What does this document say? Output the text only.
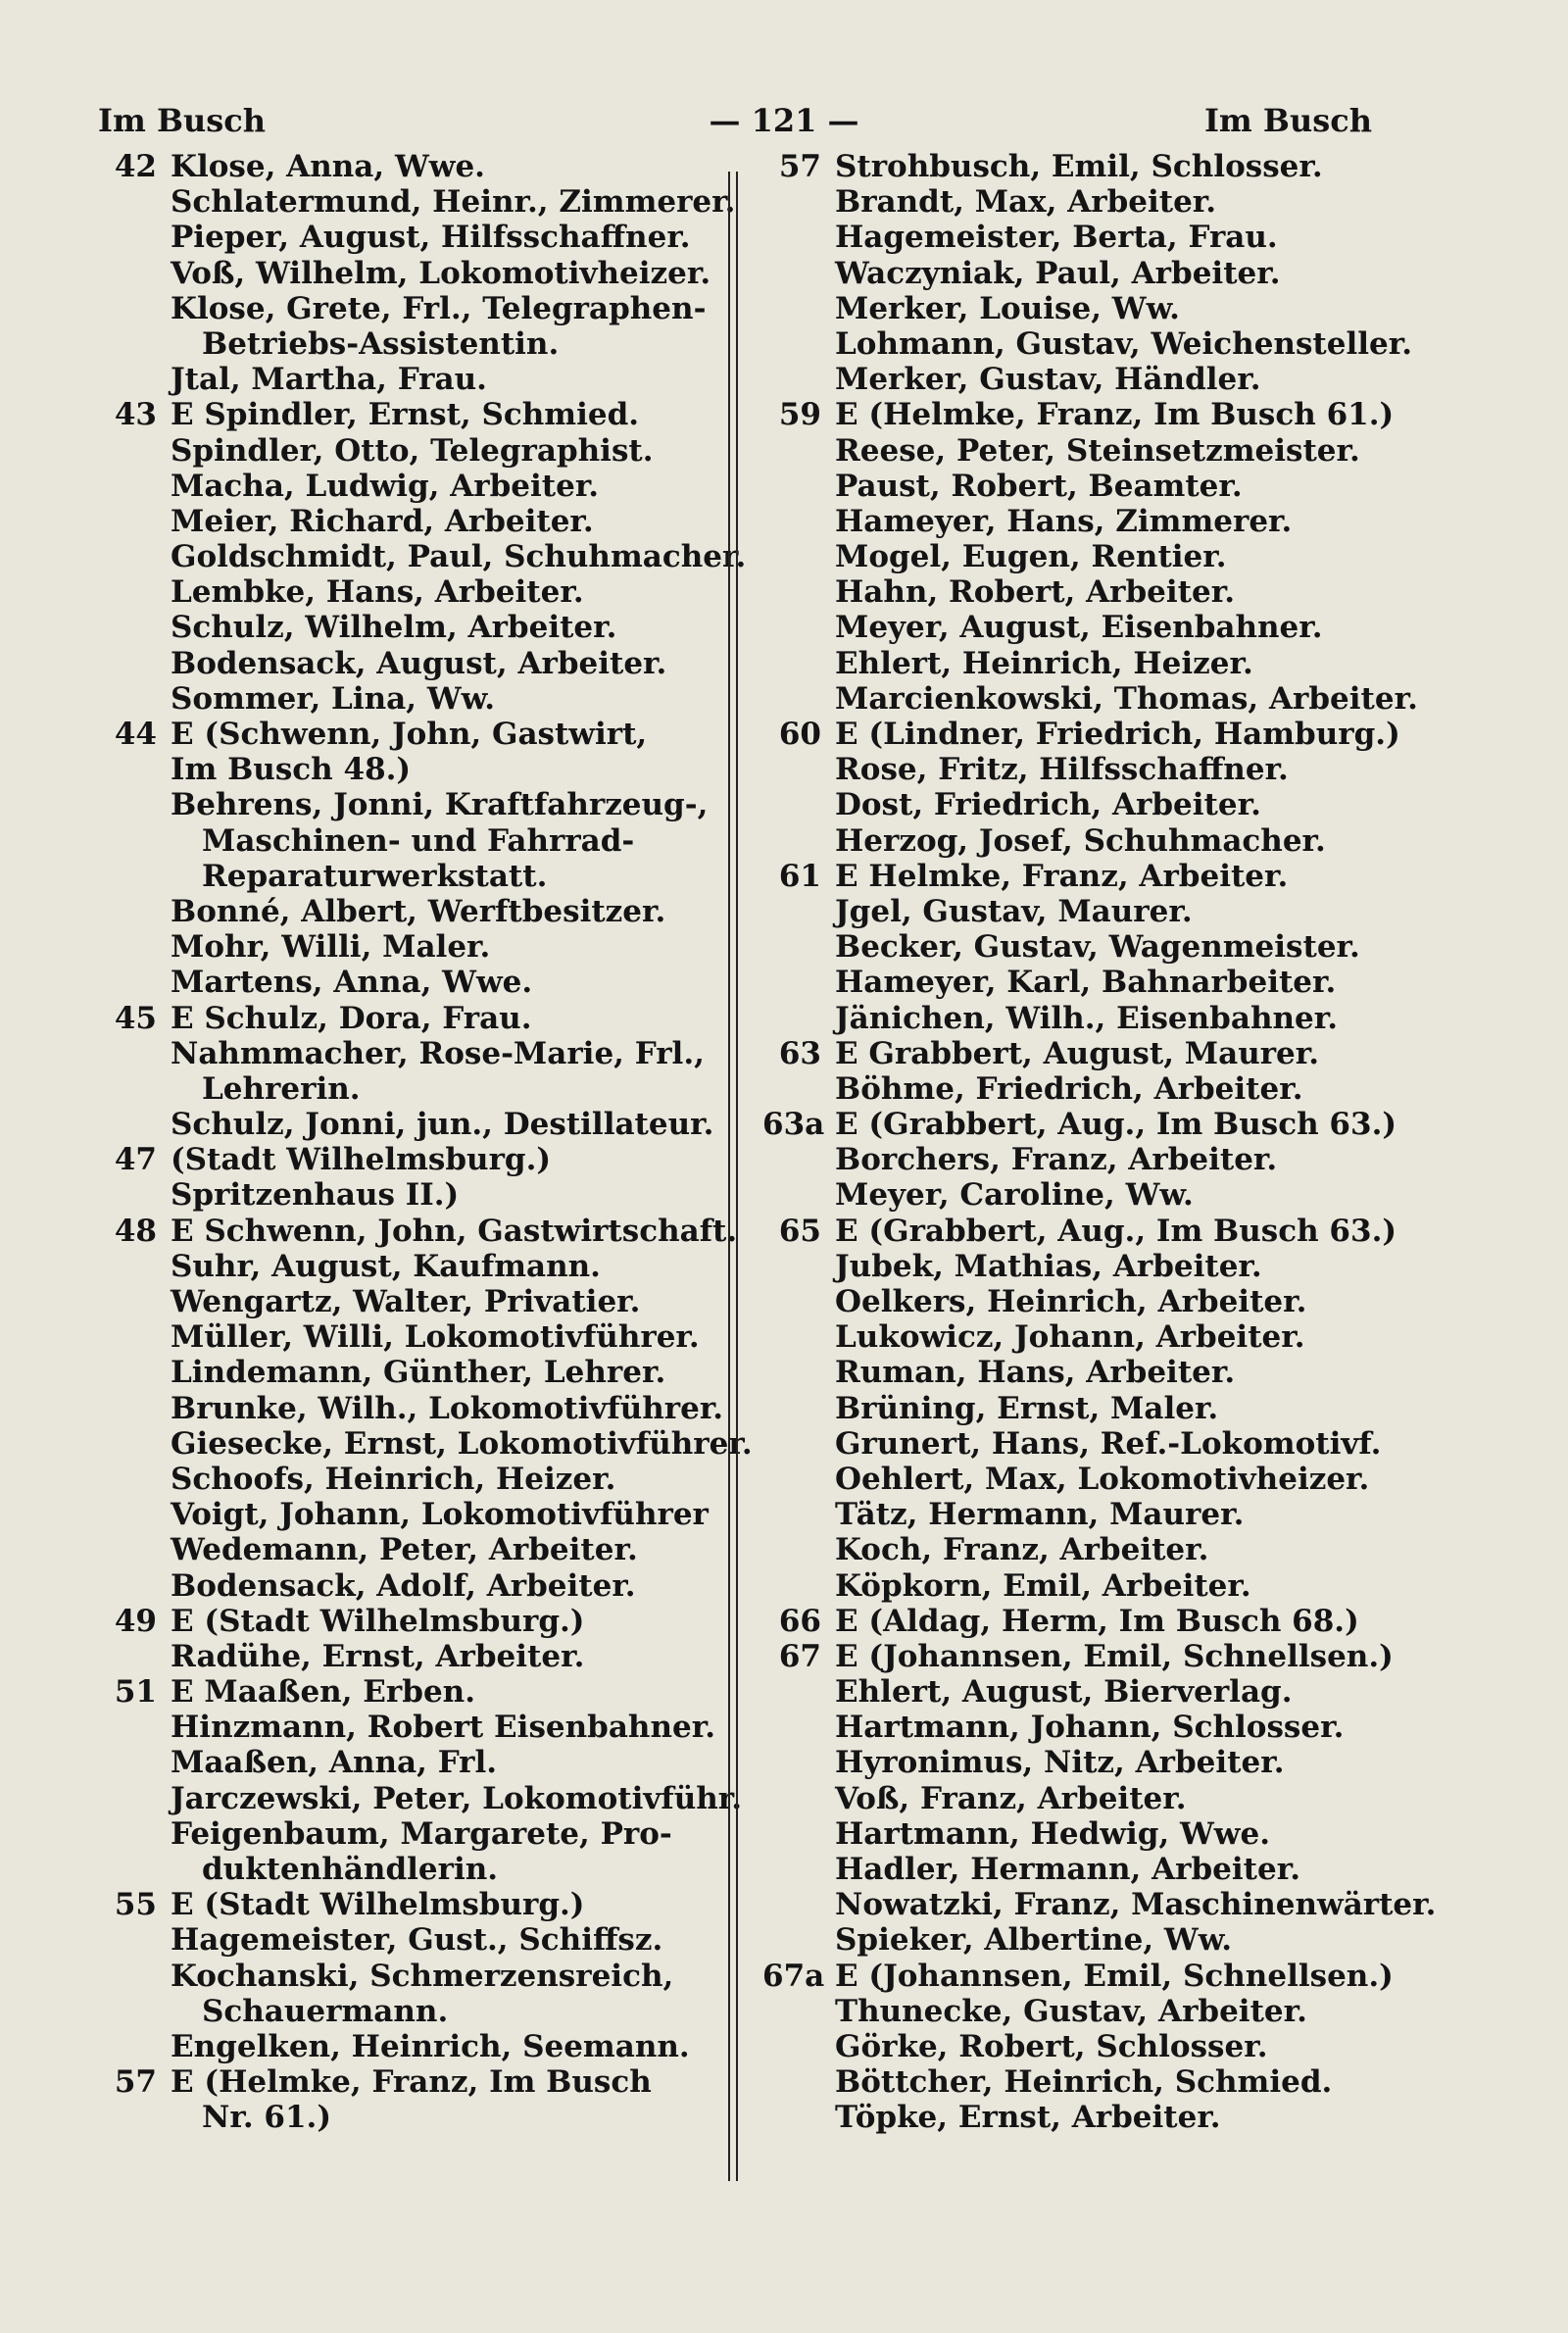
Im Busch	— 121 —	Im Busch
42 Klose, Anna, Wwe.
Schlatermund, Heinr., Zimmerer.
Pieper, August, Hilfsschaffner.
Voß, Wilhelm, Lokomotivheizer.
Klose, Grete, Frl., Telegraphen-
Betriebs-Assistentin.
Jtal, Martha, Frau.
43 E Spindler, Ernst, Schmied.
Spindler, Otto, Telegraphist.
Macha, Ludwig, Arbeiter.
Meier, Richard, Arbeiter.
Goldschmidt, Paul, Schuhmacher.
Lembke, Hans, Arbeiter.
Schulz, Wilhelm, Arbeiter.
Bodensack, August, Arbeiter.
Sommer, Lina, Ww.
44 E (Schwenn, John, Gastwirt,
Im Busch 48.)
Behrens, Jonni, Kraftfahrzeug-,
Maschinen- und Fahrrad-
Reparaturwerkstatt.
Bonné, Albert, Werftbesitzer.
Mohr, Willi, Maler.
Martens, Anna, Wwe.
45 E Schulz, Dora, Frau.
Nahmmacher, Rose-Marie, Frl.,
Lehrerin.
Schulz, Jonni, jun., Destillateur.
47 (Stadt Wilhelmsburg.)
Spritzenhaus II.)
48 E Schwenn, John, Gastwirtschaft.
Suhr, August, Kaufmann.
Wengartz, Walter, Privatier.
Müller, Willi, Lokomotivführer.
Lindemann, Günther, Lehrer.
Brunke, Wilh., Lokomotivführer.
Giesecke, Ernst, Lokomotivführer.
Schoofs, Heinrich, Heizer.
Voigt, Johann, Lokomotivführer
Wedemann, Peter, Arbeiter.
Bodensack, Adolf, Arbeiter.
49 E (Stadt Wilhelmsburg.)
Radühe, Ernst, Arbeiter.
51 E Maaßen, Erben.
Hinzmann, Robert Eisenbahner.
Maaßen, Anna, Frl.
Jarczewski, Peter, Lokomotivführ.
Feigenbaum, Margarete, Pro-
duktenhändlerin.
55 E (Stadt Wilhelmsburg.)
Hagemeister, Gust., Schiffsz.
Kochanski, Schmerzensreich,
Schauermann.
Engelken, Heinrich, Seemann.
57 E (Helmke, Franz, Im Busch
Nr. 61.)
57 Strohbusch, Emil, Schlosser.
Brandt, Max, Arbeiter.
Hagemeister, Berta, Frau.
Waczyniak, Paul, Arbeiter.
Merker, Louise, Ww.
Lohmann, Gustav, Weichensteller.
Merker, Gustav, Händler.
59 E (Helmke, Franz, Im Busch 61.)
Reese, Peter, Steinsetzmeister.
Paust, Robert, Beamter.
Hameyer, Hans, Zimmerer.
Mogel, Eugen, Rentier.
Hahn, Robert, Arbeiter.
Meyer, August, Eisenbahner.
Ehlert, Heinrich, Heizer.
Marcienkowski, Thomas, Arbeiter.
60 E (Lindner, Friedrich, Hamburg.)
Rose, Fritz, Hilfsschaffner.
Dost, Friedrich, Arbeiter.
Herzog, Josef, Schuhmacher.
61 E Helmke, Franz, Arbeiter.
Jgel, Gustav, Maurer.
Becker, Gustav, Wagenmeister.
Hameyer, Karl, Bahnarbeiter.
Jänichen, Wilh., Eisenbahner.
63 E Grabbert, August, Maurer.
Böhme, Friedrich, Arbeiter.
63a E (Grabbert, Aug., Im Busch 63.)
Borchers, Franz, Arbeiter.
Meyer, Caroline, Ww.
65 E (Grabbert, Aug., Im Busch 63.)
Jubek, Mathias, Arbeiter.
Oelkers, Heinrich, Arbeiter.
Lukowicz, Johann, Arbeiter.
Ruman, Hans, Arbeiter.
Brüning, Ernst, Maler.
Grunert, Hans, Ref.-Lokomotivf.
Oehlert, Max, Lokomotivheizer.
Tätz, Hermann, Maurer.
Koch, Franz, Arbeiter.
Köpkorn, Emil, Arbeiter.
66 E (Aldag, Herm, Im Busch 68.)
67 E (Johannsen, Emil, Schnellsen.)
Ehlert, August, Bierverlag.
Hartmann, Johann, Schlosser.
Hyronimus, Nitz, Arbeiter.
Voß, Franz, Arbeiter.
Hartmann, Hedwig, Wwe.
Hadler, Hermann, Arbeiter.
Nowatzki, Franz, Maschinenwärter.
Spieker, Albertine, Ww.
67a E (Johannsen, Emil, Schnellsen.)
Thunecke, Gustav, Arbeiter.
Görke, Robert, Schlosser.
Böttcher, Heinrich, Schmied.
Töpke, Ernst, Arbeiter.
